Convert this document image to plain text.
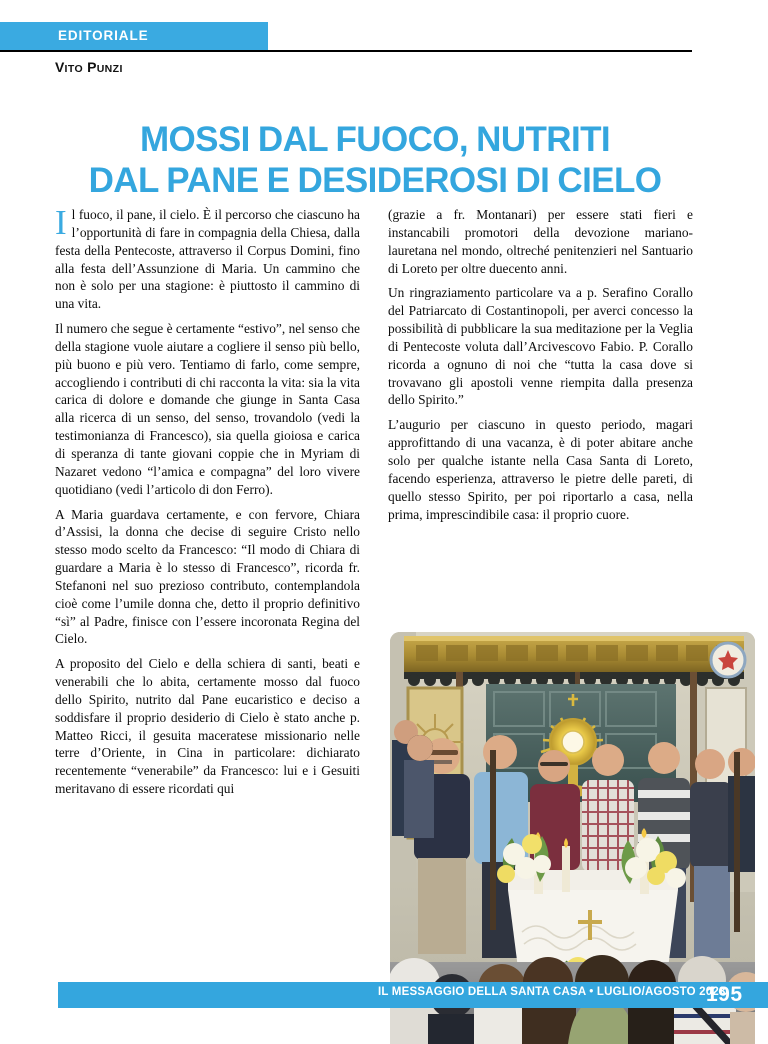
EDITORIALE
VITO PUNZI
MOSSI DAL FUOCO, NUTRITI
DAL PANE E DESIDEROSI DI CIELO

Il fuoco, il pane, il cielo. È il percorso che ciascuno ha l’opportunità di fare in compagnia della Chiesa, dalla festa della Pentecoste, attraverso il Corpus Domini, fino alla festa dell’Assunzione di Maria. Un cammino che non è solo per una stagione: è piuttosto il cammino di una vita.

Il numero che segue è certamente “estivo”, nel senso che della stagione vuole aiutare a cogliere il senso più bello, più buono e più vero. Tentiamo di farlo, come sempre, accogliendo i contributi di chi racconta la vita: sia la vita carica di dolore e domande che giunge in Santa Casa alla ricerca di un senso, del senso, trovandolo (vedi la testimonianza di Francesco), sia quella gioiosa e carica di speranza di tante giovani coppie che in Myriam di Nazaret vedono “l’amica e compagna” del loro vivere quotidiano (vedi l’articolo di don Ferro).

A Maria guardava certamente, e con fervore, Chiara d’Assisi, la donna che decise di seguire Cristo nello stesso modo scelto da Francesco: “Il modo di Chiara di guardare a Maria è lo stesso di Francesco”, ricorda fr. Stefanoni nel suo prezioso contributo, contemplandola cioè come l’umile donna che, detto il proprio definitivo “sì” al Padre, finisce con l’essere incoronata Regina del Cielo.

A proposito del Cielo e della schiera di santi, beati e venerabili che lo abita, certamente mosso dal fuoco dello Spirito, nutrito dal Pane eucaristico e deciso a soddisfare il proprio desiderio di Cielo è stato anche p. Matteo Ricci, il gesuita maceratese missionario nelle terre d’Oriente, in Cina in particolare: dichiarato recentemente “venerabile” da Francesco: lui e i Gesuiti meritavano di essere ricordati qui

(grazie a fr. Montanari) per essere stati fieri e instancabili promotori della devozione mariano-lauretana nel mondo, oltreché penitenzieri nel Santuario di Loreto per oltre duecento anni.

Un ringraziamento particolare va a p. Serafino Corallo del Patriarcato di Costantinopoli, per averci concesso la possibilità di pubblicare la sua meditazione per la Veglia di Pentecoste voluta dall’Arcivescovo Fabio. P. Corallo ricorda a ognuno di noi che “tutta la casa dove si trovavano gli apostoli venne riempita dalla presenza dello Spirito.”

L’augurio per ciascuno in questo periodo, magari approfittando di una vacanza, è di poter abitare anche solo per qualche istante nella Casa Santa di Loreto, facendo esperienza, attraverso le pietre delle pareti, di quello stesso Spirito, per poi riportarlo a casa, nella prima, imprescindibile casa: il proprio cuore.

IL MESSAGGIO DELLA SANTA CASA • LUGLIO/AGOSTO 2023
195
